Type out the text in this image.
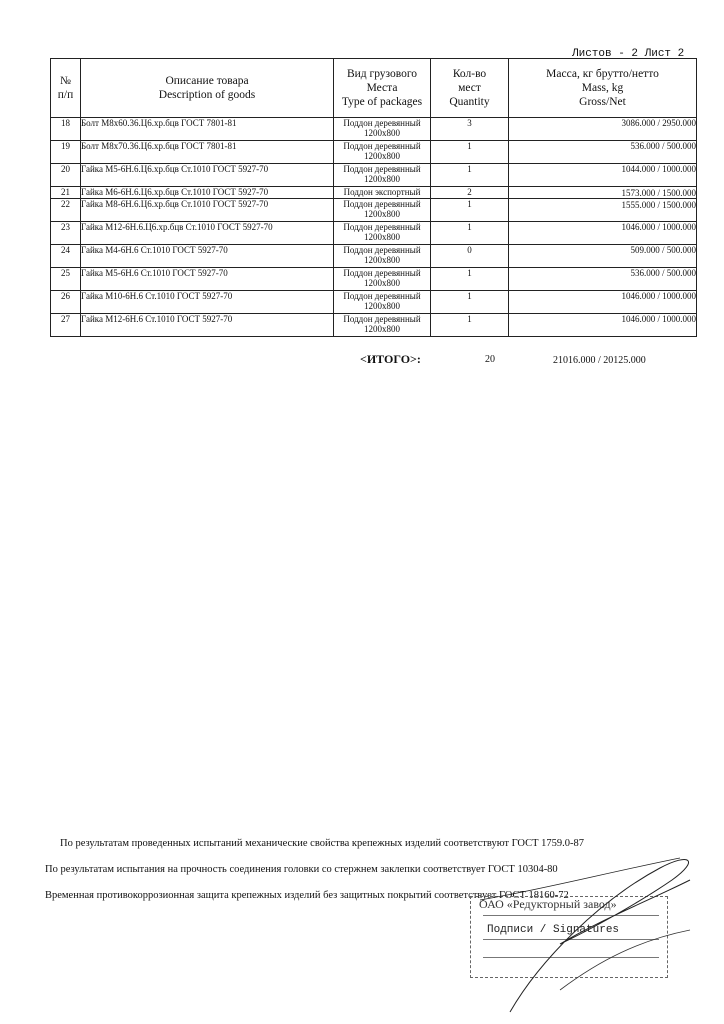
Листов - 2 Лист 2
№
п/п	Описание товара
Description of goods	Вид грузового
Места
Type of packages	Кол-во
мест
Quantity	Масса, кг брутто/нетто
Mass, kg
Gross/Net

18	Болт М8х60.36.Ц6.хр.бцв ГОСТ 7801-81	Поддон деревянный
1200х800	3	3086.000 / 2950.000
19	Болт М8х70.36.Ц6.хр.бцв ГОСТ 7801-81	Поддон деревянный
1200х800	1	536.000 / 500.000
20	Гайка М5-6Н.6.Ц6.хр.бцв Ст.1010 ГОСТ 5927-70	Поддон деревянный
1200х800	1	1044.000 / 1000.000
21	Гайка М6-6Н.6.Ц6.хр.бцв Ст.1010 ГОСТ 5927-70	Поддон экспортный	2	1573.000 / 1500.000
22	Гайка М8-6Н.6.Ц6.хр.бцв Ст.1010 ГОСТ 5927-70	Поддон деревянный
1200х800	1	1555.000 / 1500.000
23	Гайка М12-6Н.6.Ц6.хр.бцв Ст.1010 ГОСТ 5927-70	Поддон деревянный
1200х800	1	1046.000 / 1000.000
24	Гайка М4-6Н.6 Ст.1010 ГОСТ 5927-70	Поддон деревянный
1200х800	0	509.000 / 500.000
25	Гайка М5-6Н.6 Ст.1010 ГОСТ 5927-70	Поддон деревянный
1200х800	1	536.000 / 500.000
26	Гайка М10-6Н.6 Ст.1010 ГОСТ 5927-70	Поддон деревянный
1200х800	1	1046.000 / 1000.000
27	Гайка М12-6Н.6 Ст.1010 ГОСТ 5927-70	Поддон деревянный
1200х800	1	1046.000 / 1000.000
<ИТОГО>:	20	21016.000 / 20125.000
По результатам проведенных испытаний механические свойства крепежных изделий соответствуют ГОСТ 1759.0-87
По результатам испытания на прочность соединения головки со стержнем заклепки соответствует ГОСТ 10304-80
Временная противокоррозионная защита крепежных изделий без защитных покрытий соответствует ГОСТ 18160-72
ОАО «Редукторный завод»
Подписи / Signatures
